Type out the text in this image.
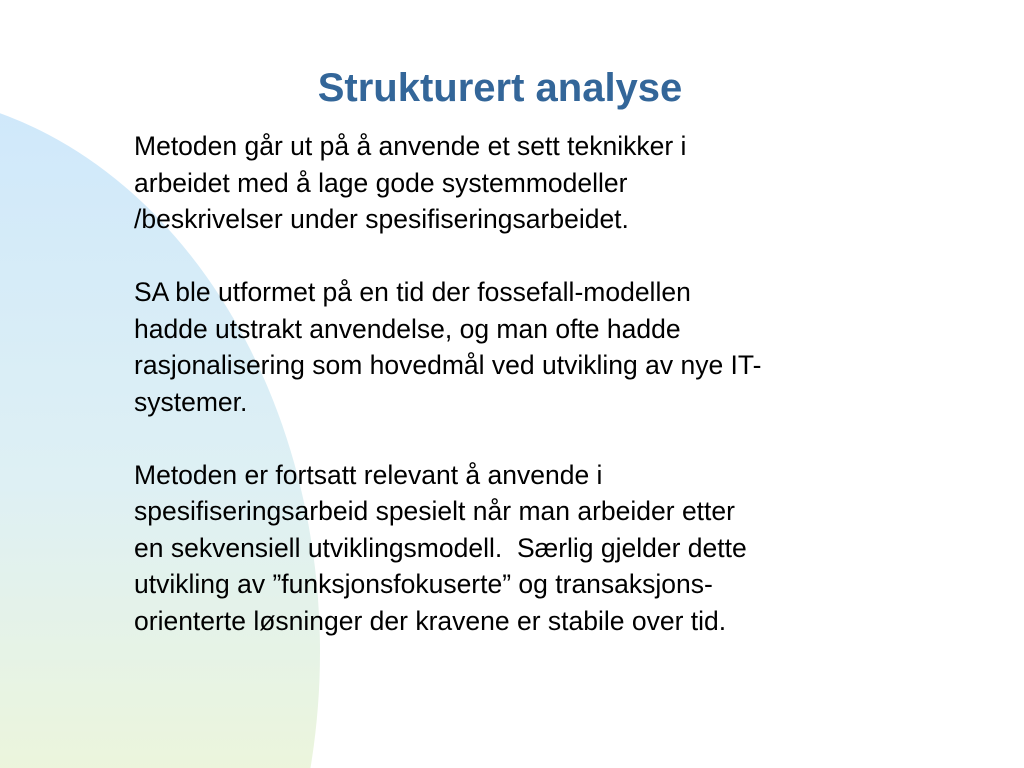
Strukturert analyse

Metoden går ut på å anvende et sett teknikker i
arbeidet med å lage gode systemmodeller
/beskrivelser under spesifiseringsarbeidet.

SA ble utformet på en tid der fossefall-modellen
hadde utstrakt anvendelse, og man ofte hadde
rasjonalisering som hovedmål ved utvikling av nye IT-
systemer.

Metoden er fortsatt relevant å anvende i
spesifiseringsarbeid spesielt når man arbeider etter
en sekvensiell utviklingsmodell.  Særlig gjelder dette
utvikling av ”funksjonsfokuserte” og transaksjons-
orienterte løsninger der kravene er stabile over tid.
